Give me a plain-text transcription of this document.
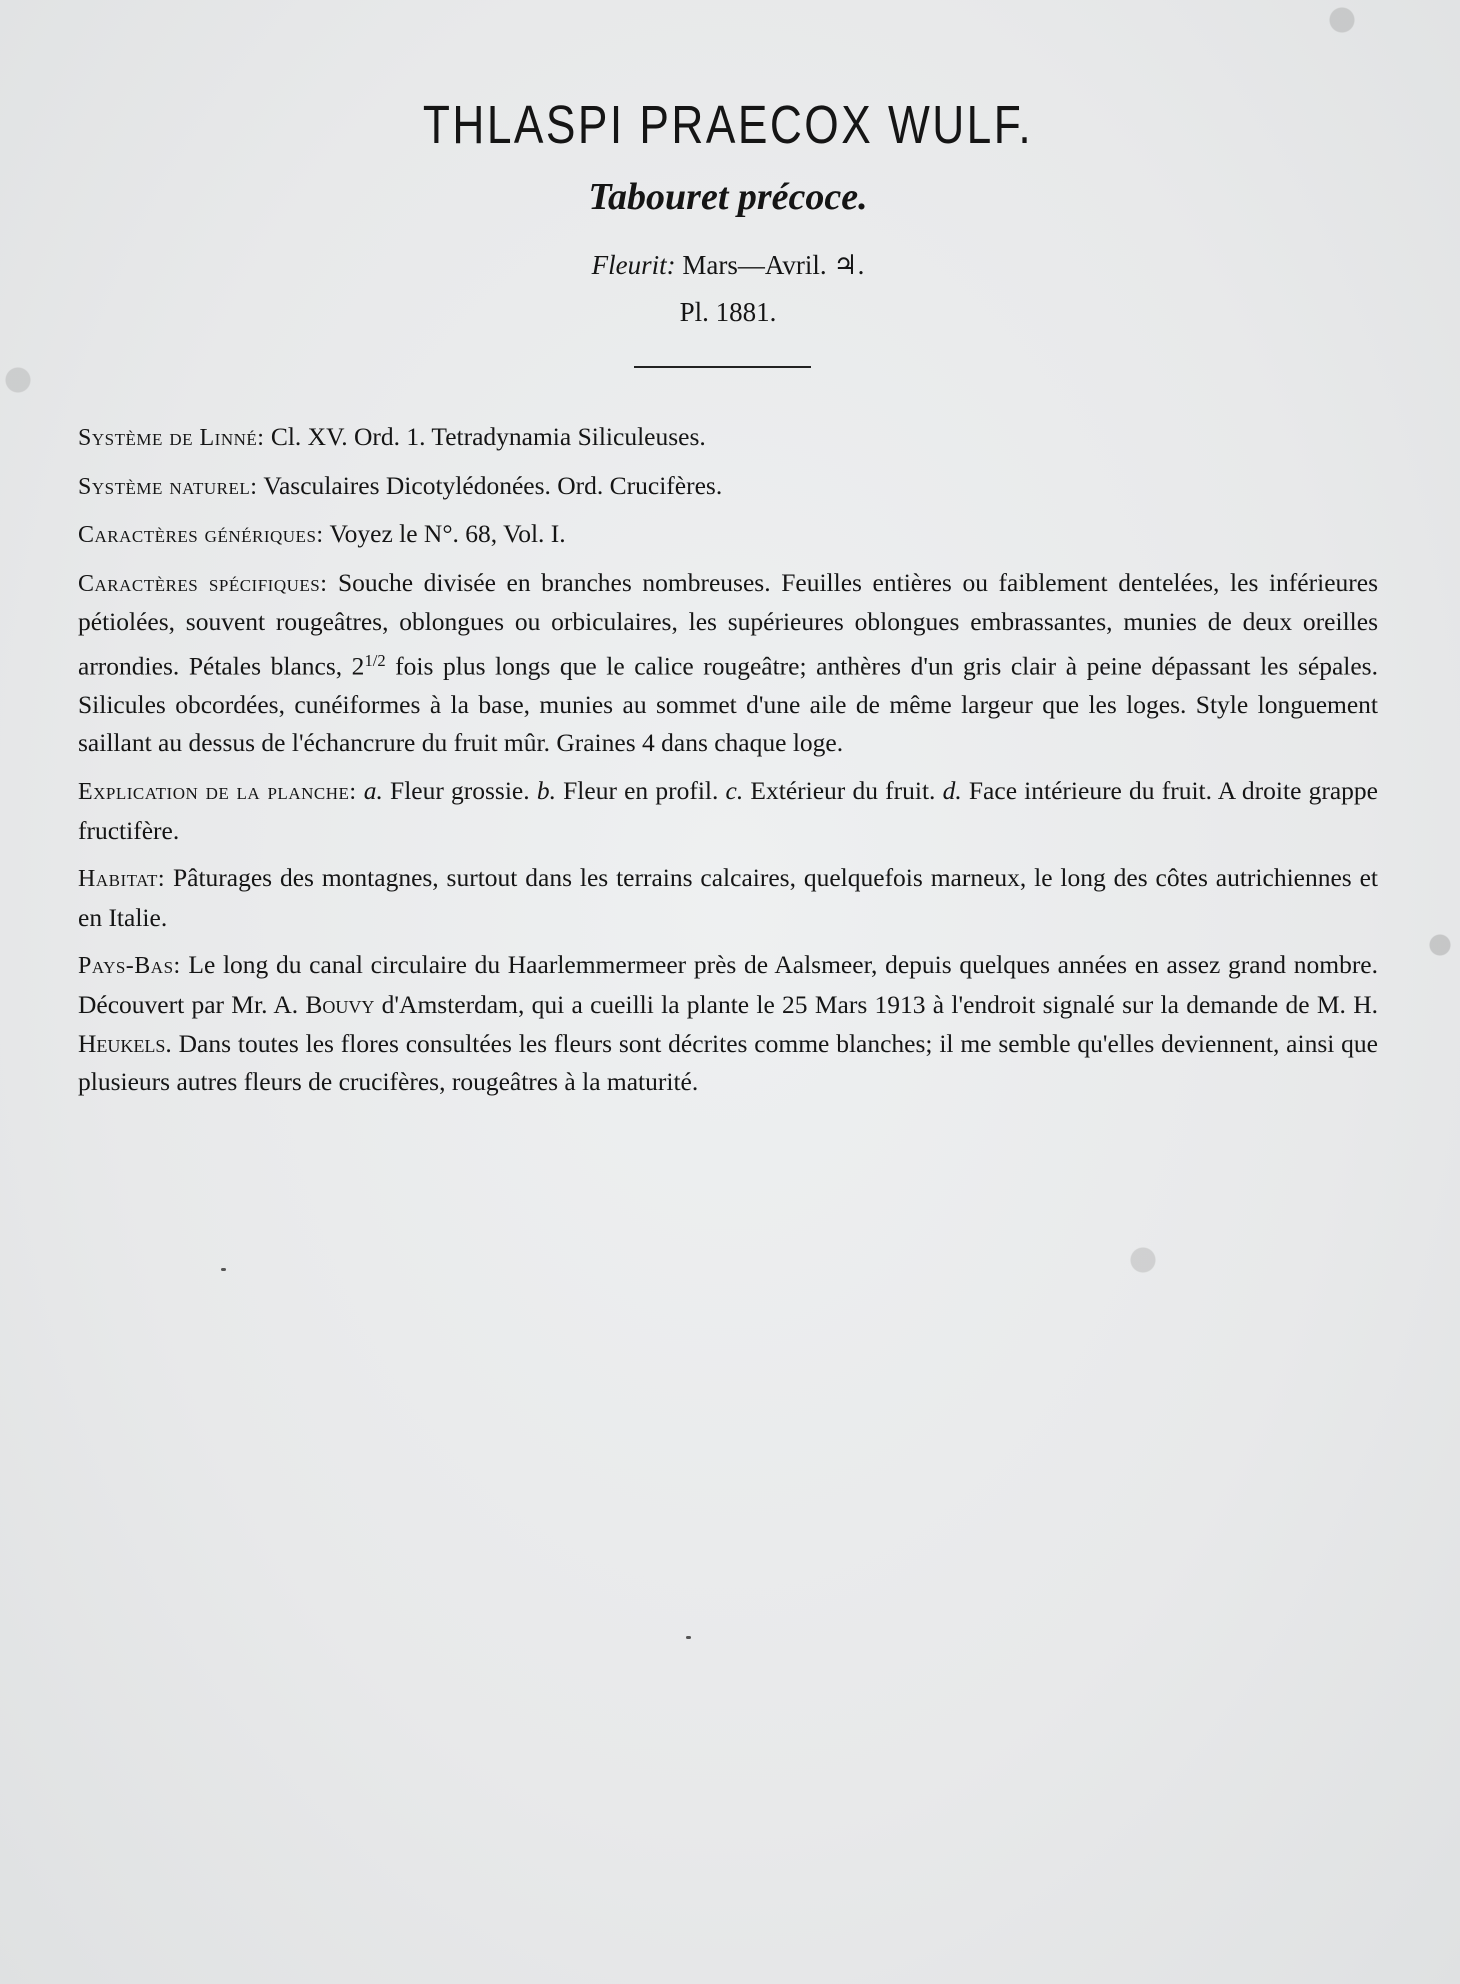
THLASPI PRAECOX WULF.
Tabouret précoce.
Fleurit: Mars—Avril. ♃.
Pl. 1881.

Système de Linné: Cl. XV. Ord. 1. Tetradynamia Siliculeuses.

Système naturel: Vasculaires Dicotylédonées. Ord. Crucifères.

Caractères génériques: Voyez le N°. 68, Vol. I.

Caractères spécifiques: Souche divisée en branches nombreuses. Feuilles entières ou faiblement dentelées, les inférieures pétiolées, souvent rougeâtres, oblongues ou orbiculaires, les supérieures oblongues embrassantes, munies de deux oreilles arrondies. Pétales blancs, $2^{1/2}$ fois plus longs que le calice rougeâtre; anthères d'un gris clair à peine dépassant les sépales. Silicules obcordées, cunéiformes à la base, munies au sommet d'une aile de même largeur que les loges. Style longuement saillant au dessus de l'échancrure du fruit mûr. Graines 4 dans chaque loge.

Explication de la planche: a. Fleur grossie. b. Fleur en profil. c. Extérieur du fruit. d. Face intérieure du fruit. A droite grappe fructifère.

Habitat: Pâturages des montagnes, surtout dans les terrains calcaires, quelquefois marneux, le long des côtes autrichiennes et en Italie.

Pays-Bas: Le long du canal circulaire du Haarlemmermeer près de Aalsmeer, depuis quelques années en assez grand nombre. Découvert par Mr. A. Bouvy d'Amsterdam, qui a cueilli la plante le 25 Mars 1913 à l'endroit signalé sur la demande de M. H. Heukels. Dans toutes les flores consultées les fleurs sont décrites comme blanches; il me semble qu'elles deviennent, ainsi que plusieurs autres fleurs de crucifères, rougeâtres à la maturité.
